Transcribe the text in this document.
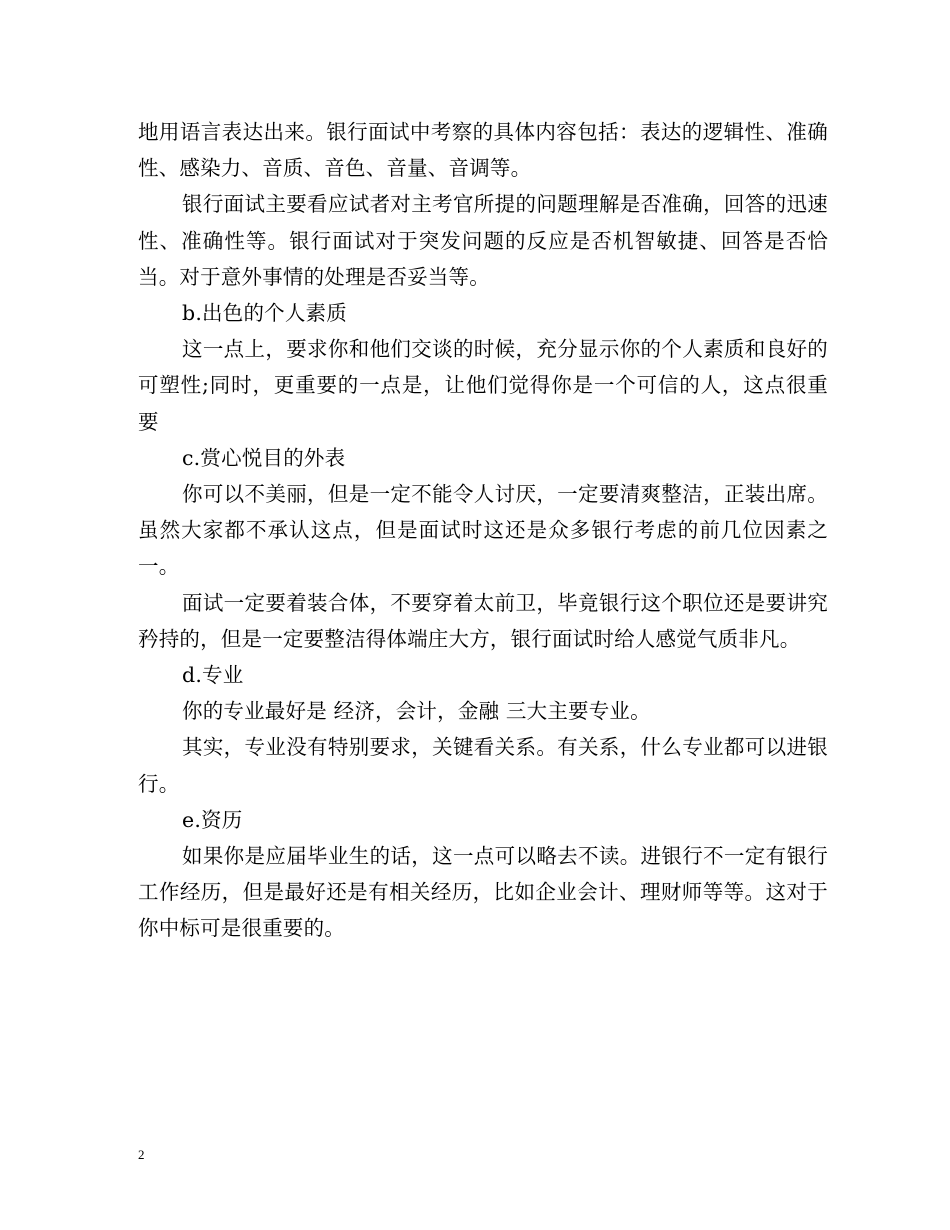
地用语言表达出来。银行面试中考察的具体内容包括：表达的逻辑性、准确性、感染力、音质、音色、音量、音调等。

银行面试主要看应试者对主考官所提的问题理解是否准确，回答的迅速性、准确性等。银行面试对于突发问题的反应是否机智敏捷、回答是否恰当。对于意外事情的处理是否妥当等。

b.出色的个人素质

这一点上，要求你和他们交谈的时候，充分显示你的个人素质和良好的可塑性;同时，更重要的一点是，让他们觉得你是一个可信的人，这点很重要

c.赏心悦目的外表

你可以不美丽，但是一定不能令人讨厌，一定要清爽整洁，正装出席。虽然大家都不承认这点，但是面试时这还是众多银行考虑的前几位因素之一。

面试一定要着装合体，不要穿着太前卫，毕竟银行这个职位还是要讲究矜持的，但是一定要整洁得体端庄大方，银行面试时给人感觉气质非凡。

d.专业

你的专业最好是 经济，会计，金融 三大主要专业。

其实，专业没有特别要求，关键看关系。有关系，什么专业都可以进银行。

e.资历

如果你是应届毕业生的话，这一点可以略去不读。进银行不一定有银行工作经历，但是最好还是有相关经历，比如企业会计、理财师等等。这对于你中标可是很重要的。

2
